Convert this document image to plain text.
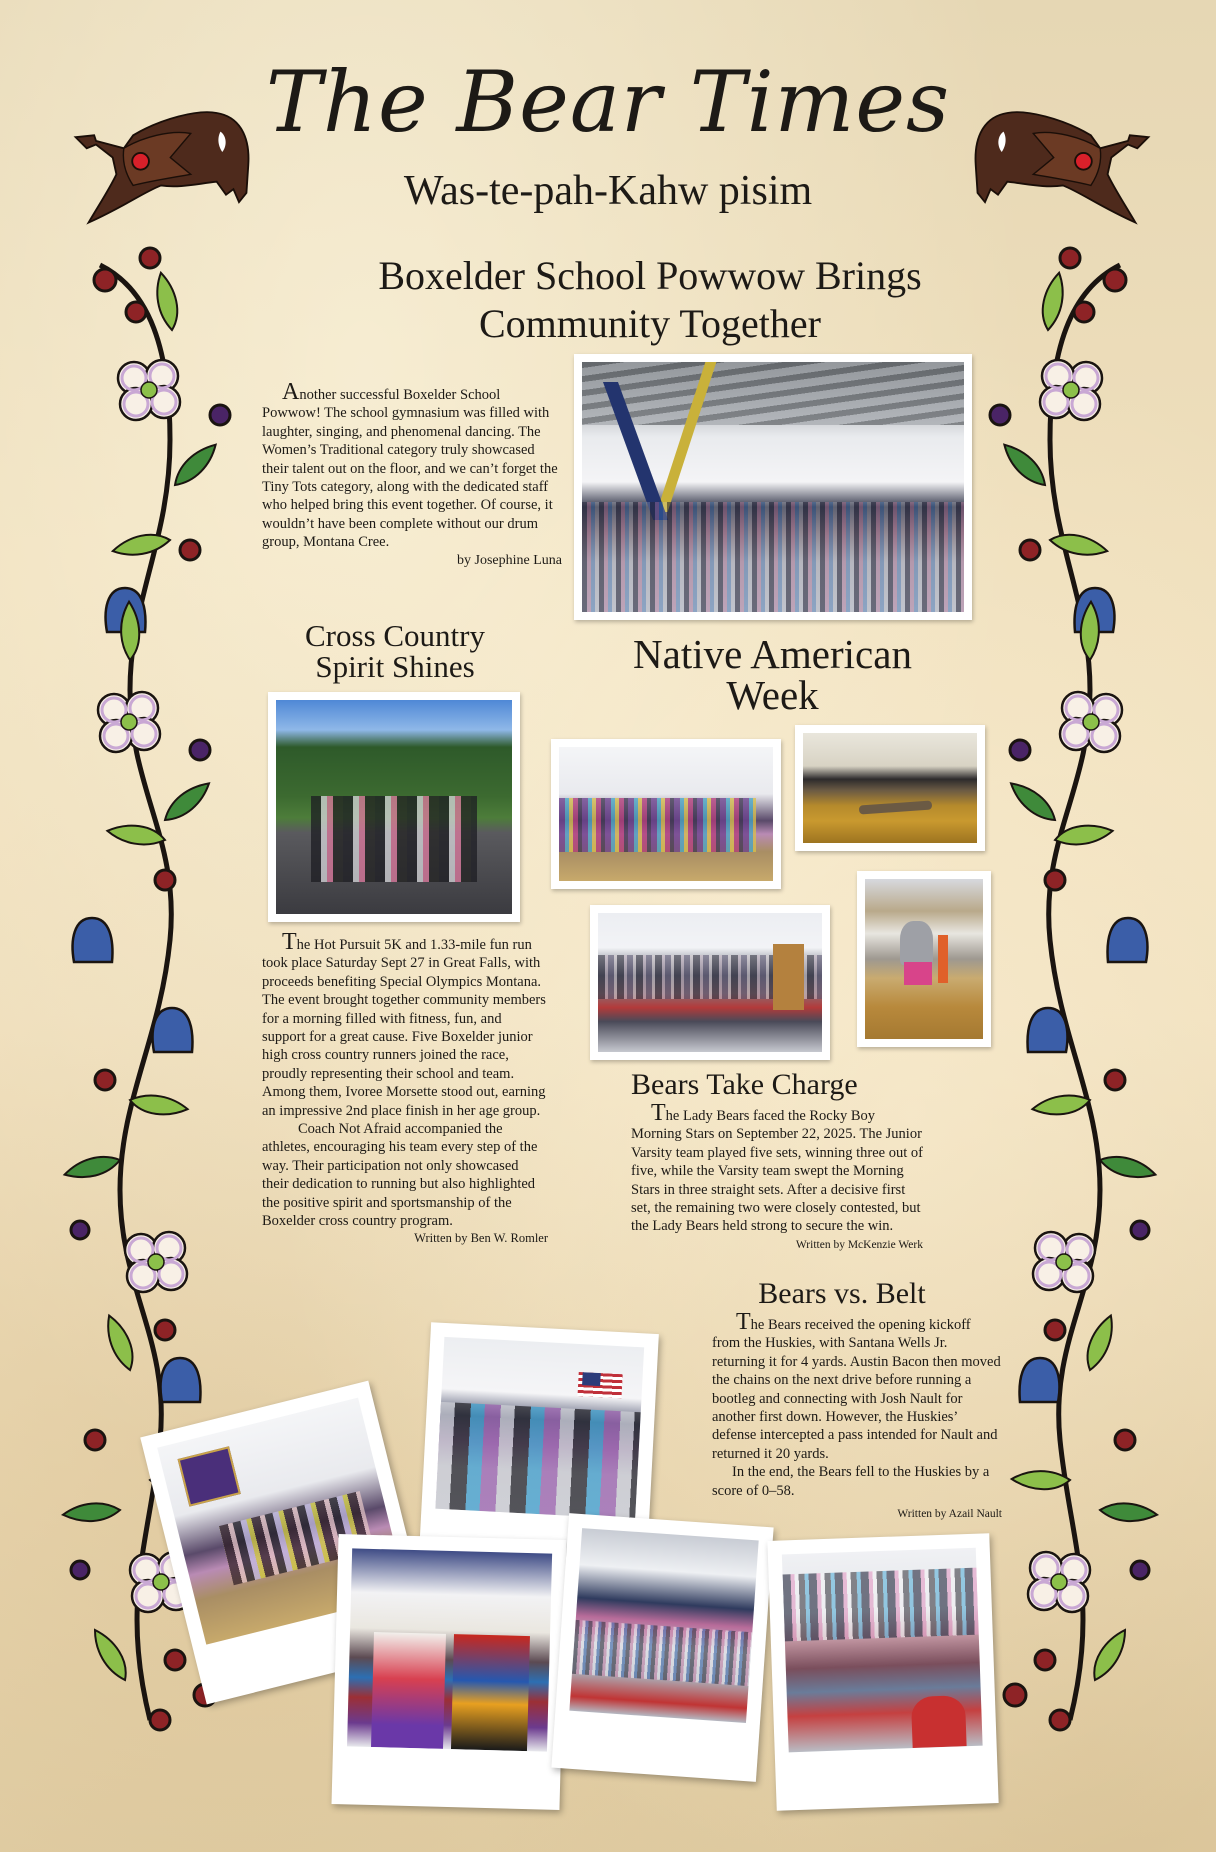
The Bear Times
Was-te-pah-Kahw pisim
Boxelder School Powwow Brings
Community Together

Another successful Boxelder School Powwow! The school gymnasium was filled with laughter, singing, and phenomenal dancing. The Women’s Traditional category truly showcased their talent out on the floor, and we can’t forget the Tiny Tots category, along with the dedicated staff who helped bring this event together. Of course, it wouldn’t have been complete without our drum group, Montana Cree.

by Josephine Luna
Cross Country
Spirit Shines

The Hot Pursuit 5K and 1.33-mile fun run took place Saturday Sept 27 in Great Falls, with proceeds benefiting Special Olympics Montana. The event brought together community members for a morning filled with fitness, fun, and support for a great cause. Five Boxelder junior high cross country runners joined the race, proudly representing their school and team. Among them, Ivoree Morsette stood out, earning an impressive 2nd place finish in her age group.

Coach Not Afraid accompanied the athletes, encouraging his team every step of the way. Their participation not only showcased their dedication to running but also highlighted the positive spirit and sportsmanship of the Boxelder cross country program.

Written by Ben W. Romler
Native American
Week
Bears Take Charge

The Lady Bears faced the Rocky Boy Morning Stars on September 22, 2025. The Junior Varsity team played five sets, winning three out of five, while the Varsity team swept the Morning Stars in three straight sets. After a decisive first set, the remaining two were closely contested, but the Lady Bears held strong to secure the win.

Written by McKenzie Werk
Bears vs. Belt

The Bears received the opening kickoff from the Huskies, with Santana Wells Jr. returning it for 4 yards. Austin Bacon then moved the chains on the next drive before running a bootleg and connecting with Josh Nault for another first down. However, the Huskies’ defense intercepted a pass intended for Nault and returned it 20 yards.

In the end, the Bears fell to the Huskies by a score of 0–58.

Written by Azail Nault
